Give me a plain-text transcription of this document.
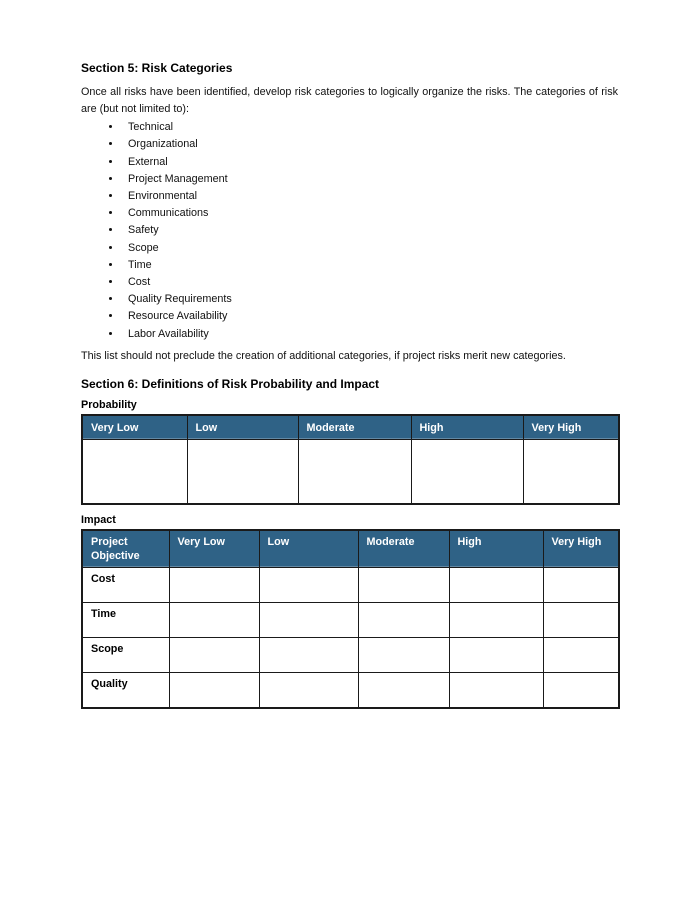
Section 5: Risk Categories

Once all risks have been identified, develop risk categories to logically organize the risks. The categories of risk are (but not limited to):

• Technical
• Organizational
• External
• Project Management
• Environmental
• Communications
• Safety
• Scope
• Time
• Cost
• Quality Requirements
• Resource Availability
• Labor Availability

This list should not preclude the creation of additional categories, if project risks merit new categories.

Section 6: Definitions of Risk Probability and Impact
Probability
Very Low	Low	Moderate	High	Very High

Impact
Project Objective	Very Low	Low	Moderate	High	Very High
Cost					
Time					
Scope					
Quality					
